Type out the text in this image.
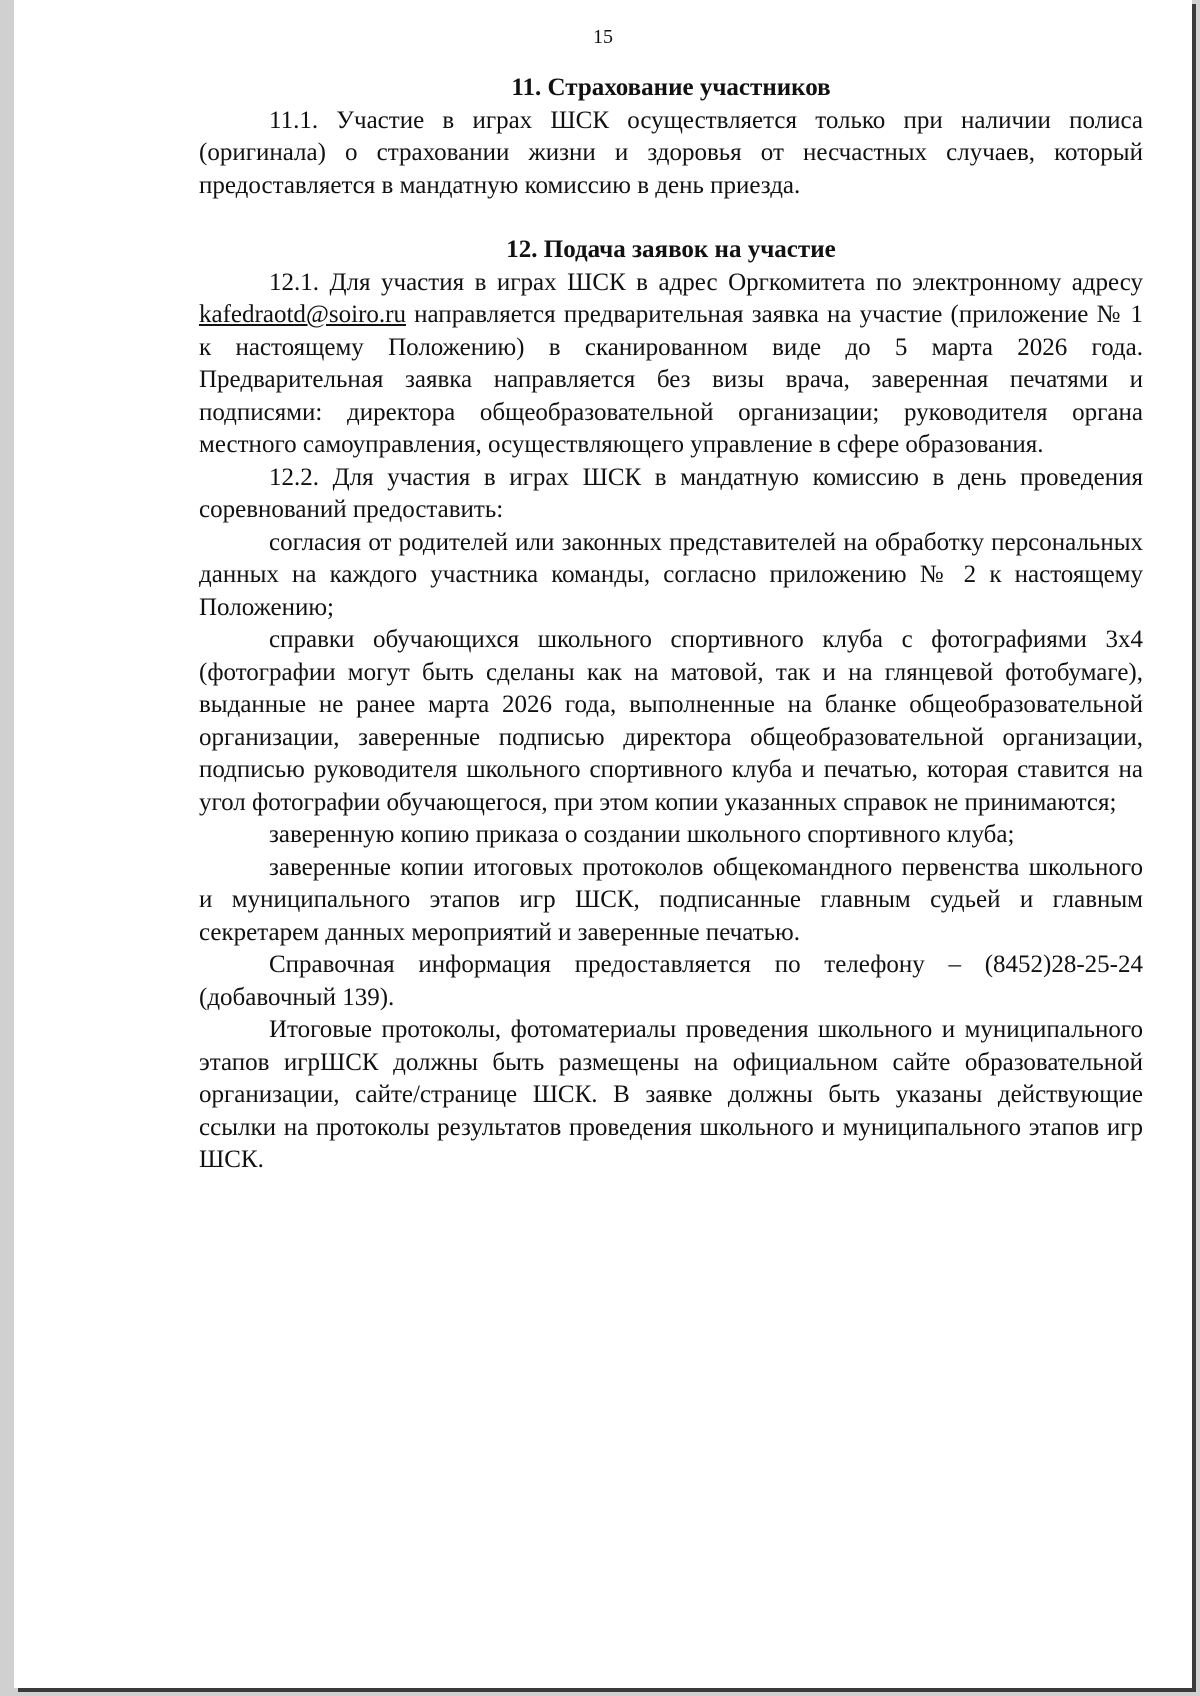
15
11. Страхование участников

11.1. Участие в играх ШСК осуществляется только при наличии полиса (оригинала) о страховании жизни и здоровья от несчастных случаев, который предоставляется в мандатную комиссию в день приезда.

12. Подача заявок на участие

12.1. Для участия в играх ШСК в адрес Оргкомитета по электронному адресу kafedraotd@soiro.ru направляется предварительная заявка на участие (приложение № 1 к настоящему Положению) в сканированном виде до 5 марта 2026 года. Предварительная заявка направляется без визы врача, заверенная печатями и подписями: директора общеобразовательной организации; руководителя органа местного самоуправления, осуществляющего управление в сфере образования.

12.2. Для участия в играх ШСК в мандатную комиссию в день проведения соревнований предоставить:

согласия от родителей или законных представителей на обработку персональных данных на каждого участника команды, согласно приложению № 2 к настоящему Положению;

справки обучающихся школьного спортивного клуба с фотографиями 3х4 (фотографии могут быть сделаны как на матовой, так и на глянцевой фотобумаге), выданные не ранее марта 2026 года, выполненные на бланке общеобразовательной организации, заверенные подписью директора общеобразовательной организации, подписью руководителя школьного спортивного клуба и печатью, которая ставится на угол фотографии обучающегося, при этом копии указанных справок не принимаются;

заверенную копию приказа о создании школьного спортивного клуба;

заверенные копии итоговых протоколов общекомандного первенства школьного и муниципального этапов игр ШСК, подписанные главным судьей и главным секретарем данных мероприятий и заверенные печатью.

Справочная информация предоставляется по телефону – (8452)28-25-24 (добавочный 139).

Итоговые протоколы, фотоматериалы проведения школьного и муниципального этапов игрШСК должны быть размещены на официальном сайте образовательной организации, сайте/странице ШСК. В заявке должны быть указаны действующие ссылки на протоколы результатов проведения школьного и муниципального этапов игр ШСК.
